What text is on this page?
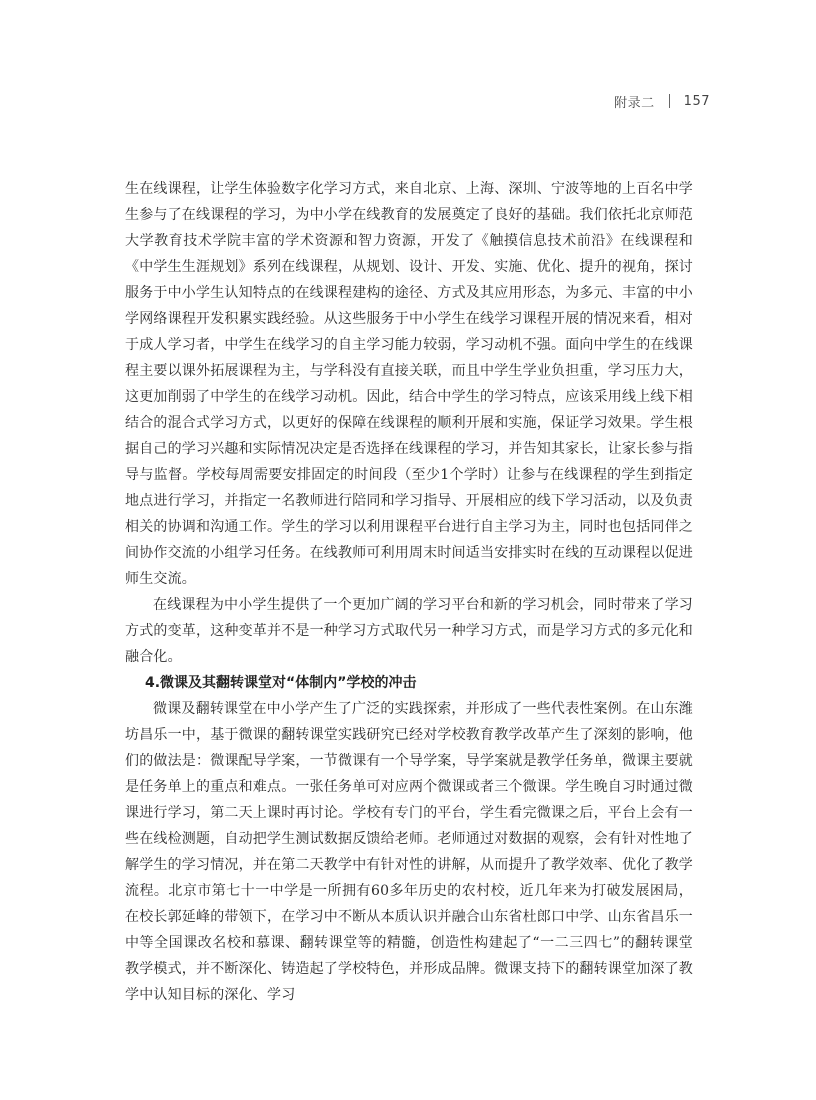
附录二 157

生在线课程，让学生体验数字化学习方式，来自北京、上海、深圳、宁波等地的上百名中学生参与了在线课程的学习，为中小学在线教育的发展奠定了良好的基础。我们依托北京师范大学教育技术学院丰富的学术资源和智力资源，开发了《触摸信息技术前沿》在线课程和《中学生生涯规划》系列在线课程，从规划、设计、开发、实施、优化、提升的视角，探讨服务于中小学生认知特点的在线课程建构的途径、方式及其应用形态，为多元、丰富的中小学网络课程开发积累实践经验。从这些服务于中小学生在线学习课程开展的情况来看，相对于成人学习者，中学生在线学习的自主学习能力较弱，学习动机不强。面向中学生的在线课程主要以课外拓展课程为主，与学科没有直接关联，而且中学生学业负担重，学习压力大，这更加削弱了中学生的在线学习动机。因此，结合中学生的学习特点，应该采用线上线下相结合的混合式学习方式，以更好的保障在线课程的顺利开展和实施，保证学习效果。学生根据自己的学习兴趣和实际情况决定是否选择在线课程的学习，并告知其家长，让家长参与指导与监督。学校每周需要安排固定的时间段（至少1个学时）让参与在线课程的学生到指定地点进行学习，并指定一名教师进行陪同和学习指导、开展相应的线下学习活动，以及负责相关的协调和沟通工作。学生的学习以利用课程平台进行自主学习为主，同时也包括同伴之间协作交流的小组学习任务。在线教师可利用周末时间适当安排实时在线的互动课程以促进师生交流。

在线课程为中小学生提供了一个更加广阔的学习平台和新的学习机会，同时带来了学习方式的变革，这种变革并不是一种学习方式取代另一种学习方式，而是学习方式的多元化和融合化。

4.微课及其翻转课堂对“体制内”学校的冲击

微课及翻转课堂在中小学产生了广泛的实践探索，并形成了一些代表性案例。在山东潍坊昌乐一中，基于微课的翻转课堂实践研究已经对学校教育教学改革产生了深刻的影响，他们的做法是：微课配导学案，一节微课有一个导学案，导学案就是教学任务单，微课主要就是任务单上的重点和难点。一张任务单可对应两个微课或者三个微课。学生晚自习时通过微课进行学习，第二天上课时再讨论。学校有专门的平台，学生看完微课之后，平台上会有一些在线检测题，自动把学生测试数据反馈给老师。老师通过对数据的观察，会有针对性地了解学生的学习情况，并在第二天教学中有针对性的讲解，从而提升了教学效率、优化了教学流程。北京市第七十一中学是一所拥有60多年历史的农村校，近几年来为打破发展困局，在校长郭延峰的带领下，在学习中不断从本质认识并融合山东省杜郎口中学、山东省昌乐一中等全国课改名校和慕课、翻转课堂等的精髓，创造性构建起了“一二三四七”的翻转课堂教学模式，并不断深化、铸造起了学校特色，并形成品牌。微课支持下的翻转课堂加深了教学中认知目标的深化、学习
